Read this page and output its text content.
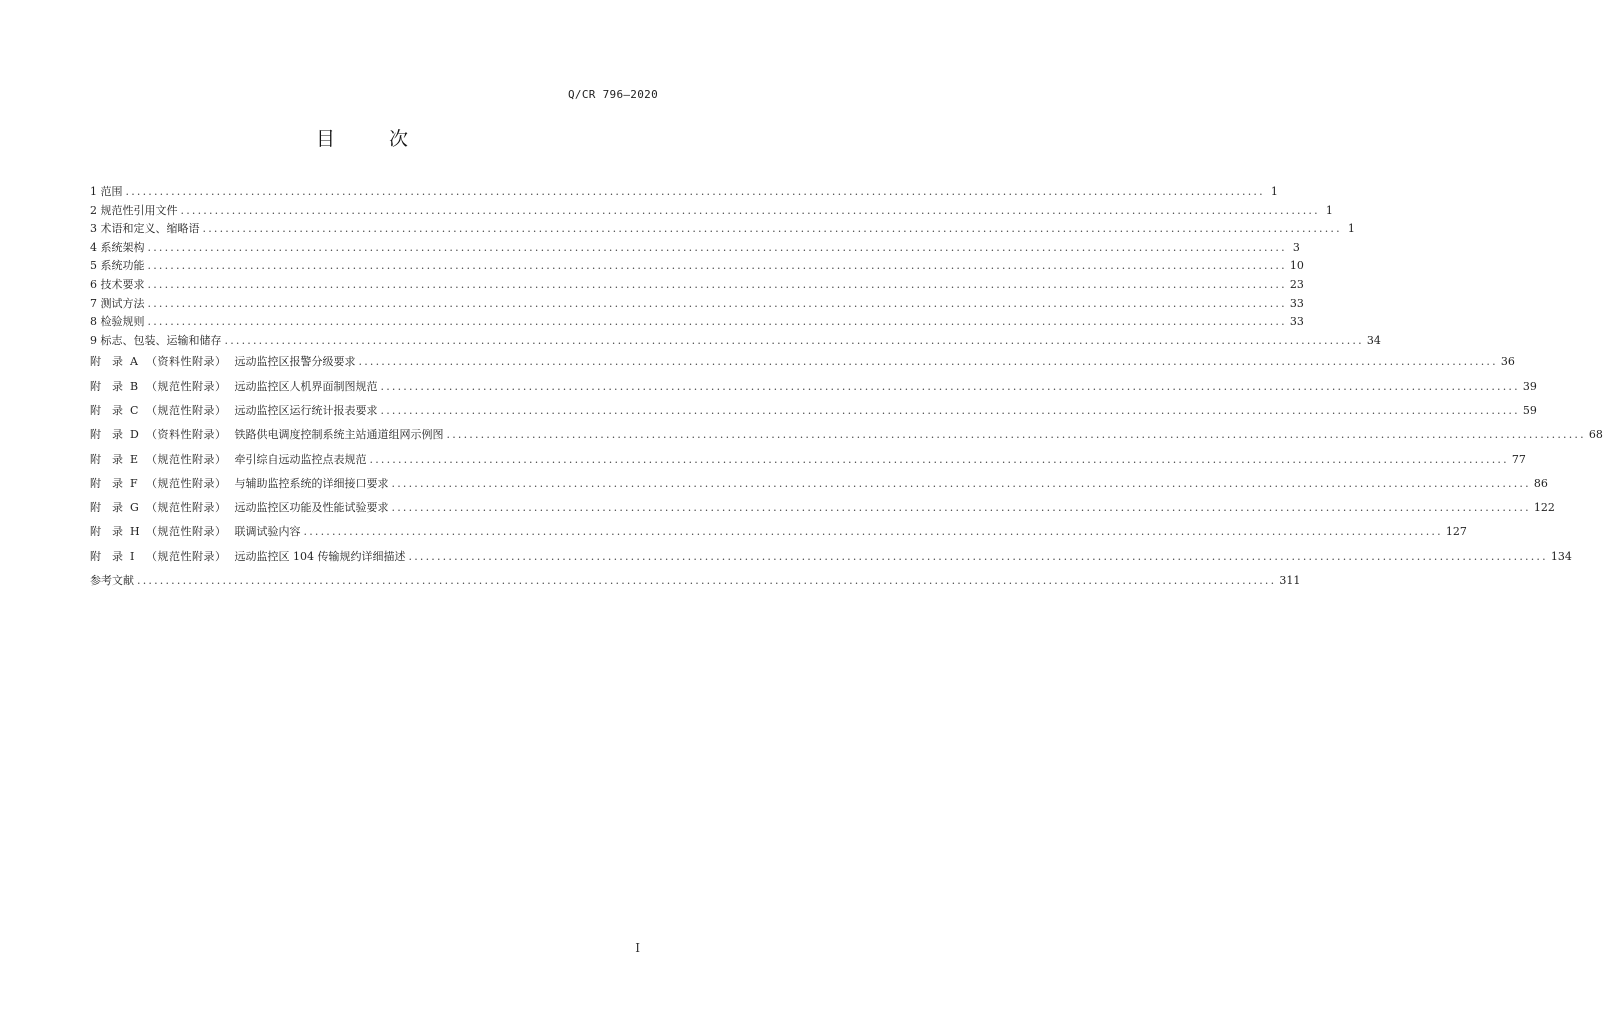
Q/CR 796—2020
目 次
1 范围 ........................................................................................................................................................................................................ 1
2 规范性引用文件 ........................................................................................................................................................................................................ 1
3 术语和定义、缩略语 ........................................................................................................................................................................................................ 1
4 系统架构 ........................................................................................................................................................................................................ 3
5 系统功能 ........................................................................................................................................................................................................ 10
6 技术要求 ........................................................................................................................................................................................................ 23
7 测试方法 ........................................................................................................................................................................................................ 33
8 检验规则 ........................................................................................................................................................................................................ 33
9 标志、包装、运输和储存 ........................................................................................................................................................................................................ 34
附 录 A （资料性附录） 远动监控区报警分级要求 ........................................................................................................................................................................................................ 36
附 录 B （规范性附录） 远动监控区人机界面制图规范 ........................................................................................................................................................................................................ 39
附 录 C （规范性附录） 远动监控区运行统计报表要求 ........................................................................................................................................................................................................ 59
附 录 D （资料性附录） 铁路供电调度控制系统主站通道组网示例图 ........................................................................................................................................................................................................ 68
附 录 E （规范性附录） 牵引综自远动监控点表规范 ........................................................................................................................................................................................................ 77
附 录 F （规范性附录） 与辅助监控系统的详细接口要求 ........................................................................................................................................................................................................ 86
附 录 G （规范性附录） 远动监控区功能及性能试验要求 ........................................................................................................................................................................................................ 122
附 录 H （规范性附录） 联调试验内容 ........................................................................................................................................................................................................ 127
附 录 I （规范性附录） 远动监控区 104 传输规约详细描述 ........................................................................................................................................................................................................ 134
参考文献 ........................................................................................................................................................................................................ 311
I
